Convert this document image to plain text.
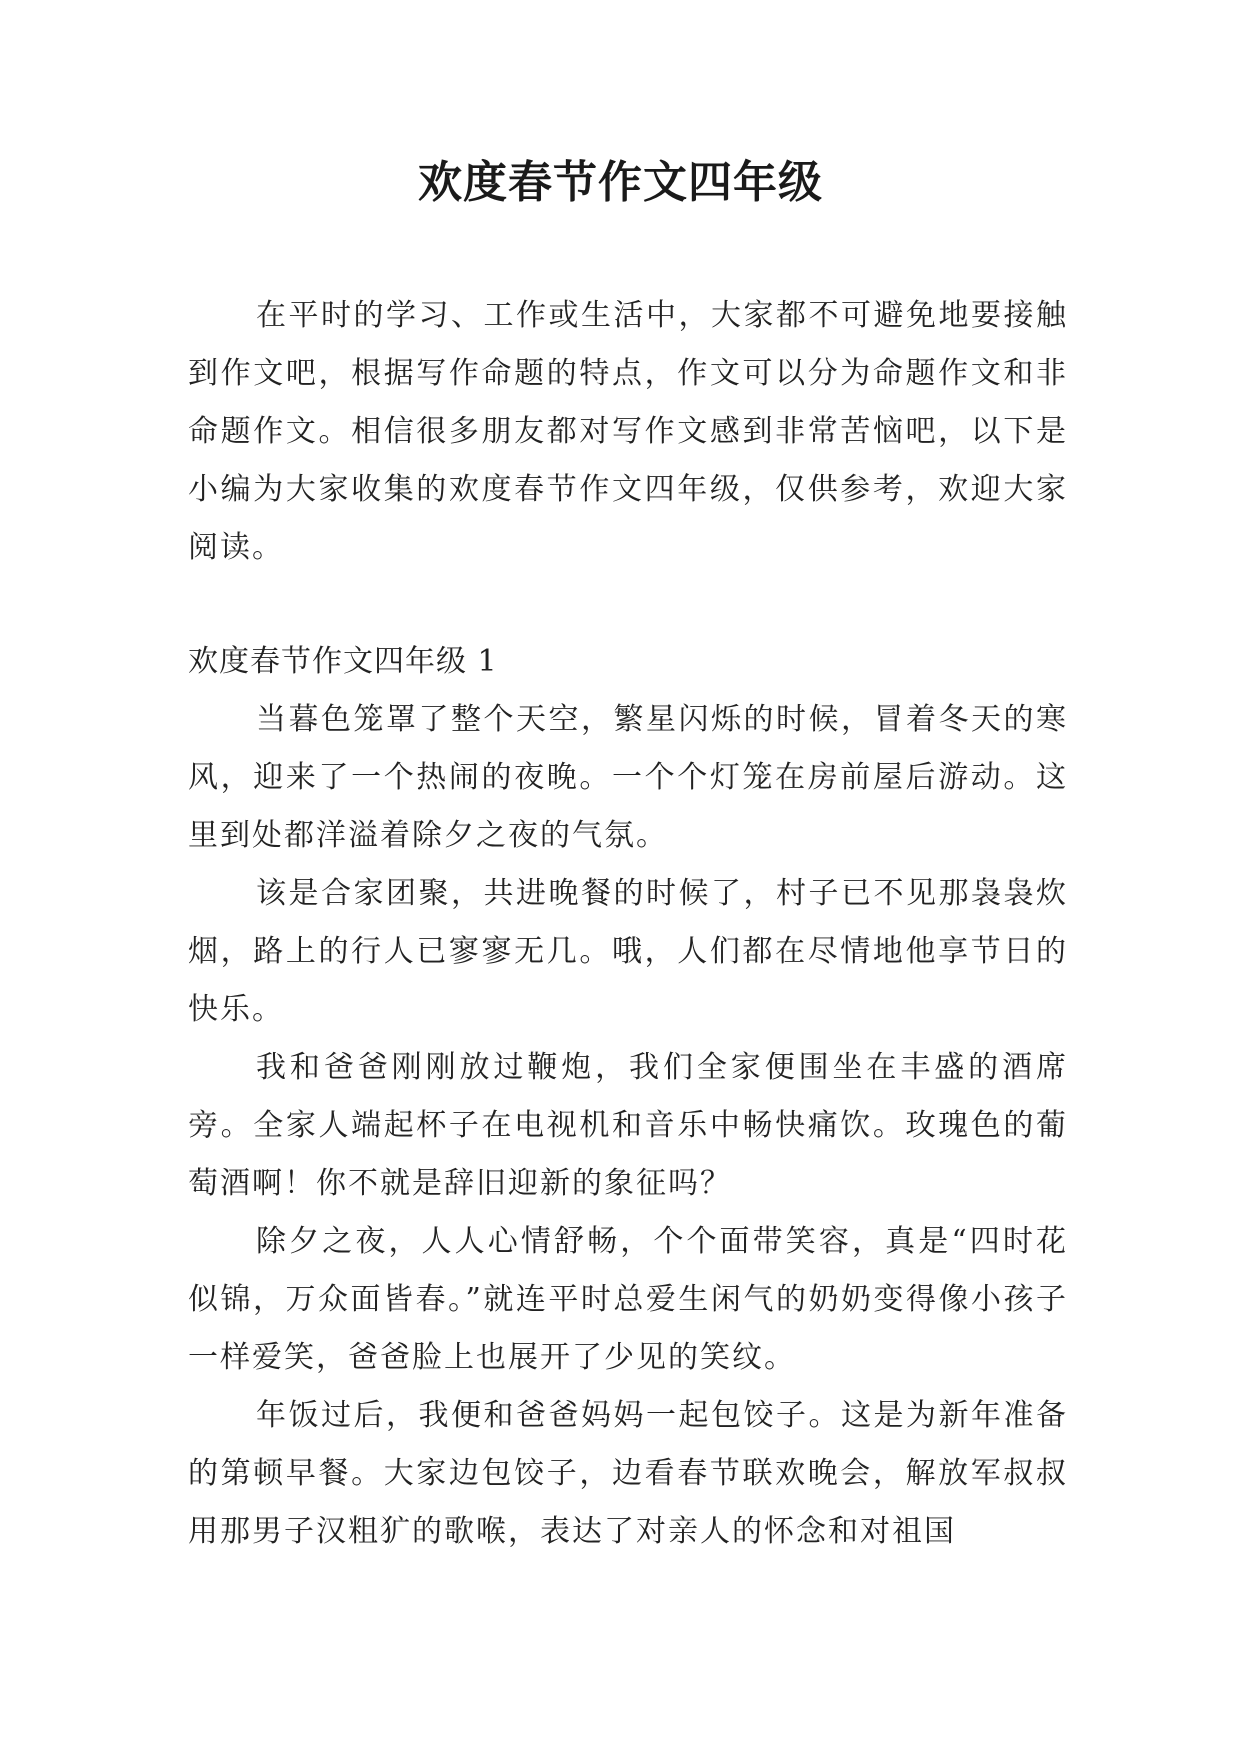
欢度春节作文四年级

在平时的学习、工作或生活中，大家都不可避免地要接触到作文吧，根据写作命题的特点，作文可以分为命题作文和非命题作文。相信很多朋友都对写作文感到非常苦恼吧，以下是小编为大家收集的欢度春节作文四年级，仅供参考，欢迎大家阅读。

欢度春节作文四年级 1

当暮色笼罩了整个天空，繁星闪烁的时候，冒着冬天的寒风，迎来了一个热闹的夜晚。一个个灯笼在房前屋后游动。这里到处都洋溢着除夕之夜的气氛。

该是合家团聚，共进晚餐的时候了，村子已不见那袅袅炊烟，路上的行人已寥寥无几。哦，人们都在尽情地他享节日的快乐。

我和爸爸刚刚放过鞭炮，我们全家便围坐在丰盛的酒席旁。全家人端起杯子在电视机和音乐中畅快痛饮。玫瑰色的葡萄酒啊！你不就是辞旧迎新的象征吗？

除夕之夜，人人心情舒畅，个个面带笑容，真是“四时花似锦，万众面皆春。”就连平时总爱生闲气的奶奶变得像小孩子一样爱笑，爸爸脸上也展开了少见的笑纹。

年饭过后，我便和爸爸妈妈一起包饺子。这是为新年准备的第顿早餐。大家边包饺子，边看春节联欢晚会，解放军叔叔用那男子汉粗犷的歌喉，表达了对亲人的怀念和对祖国
